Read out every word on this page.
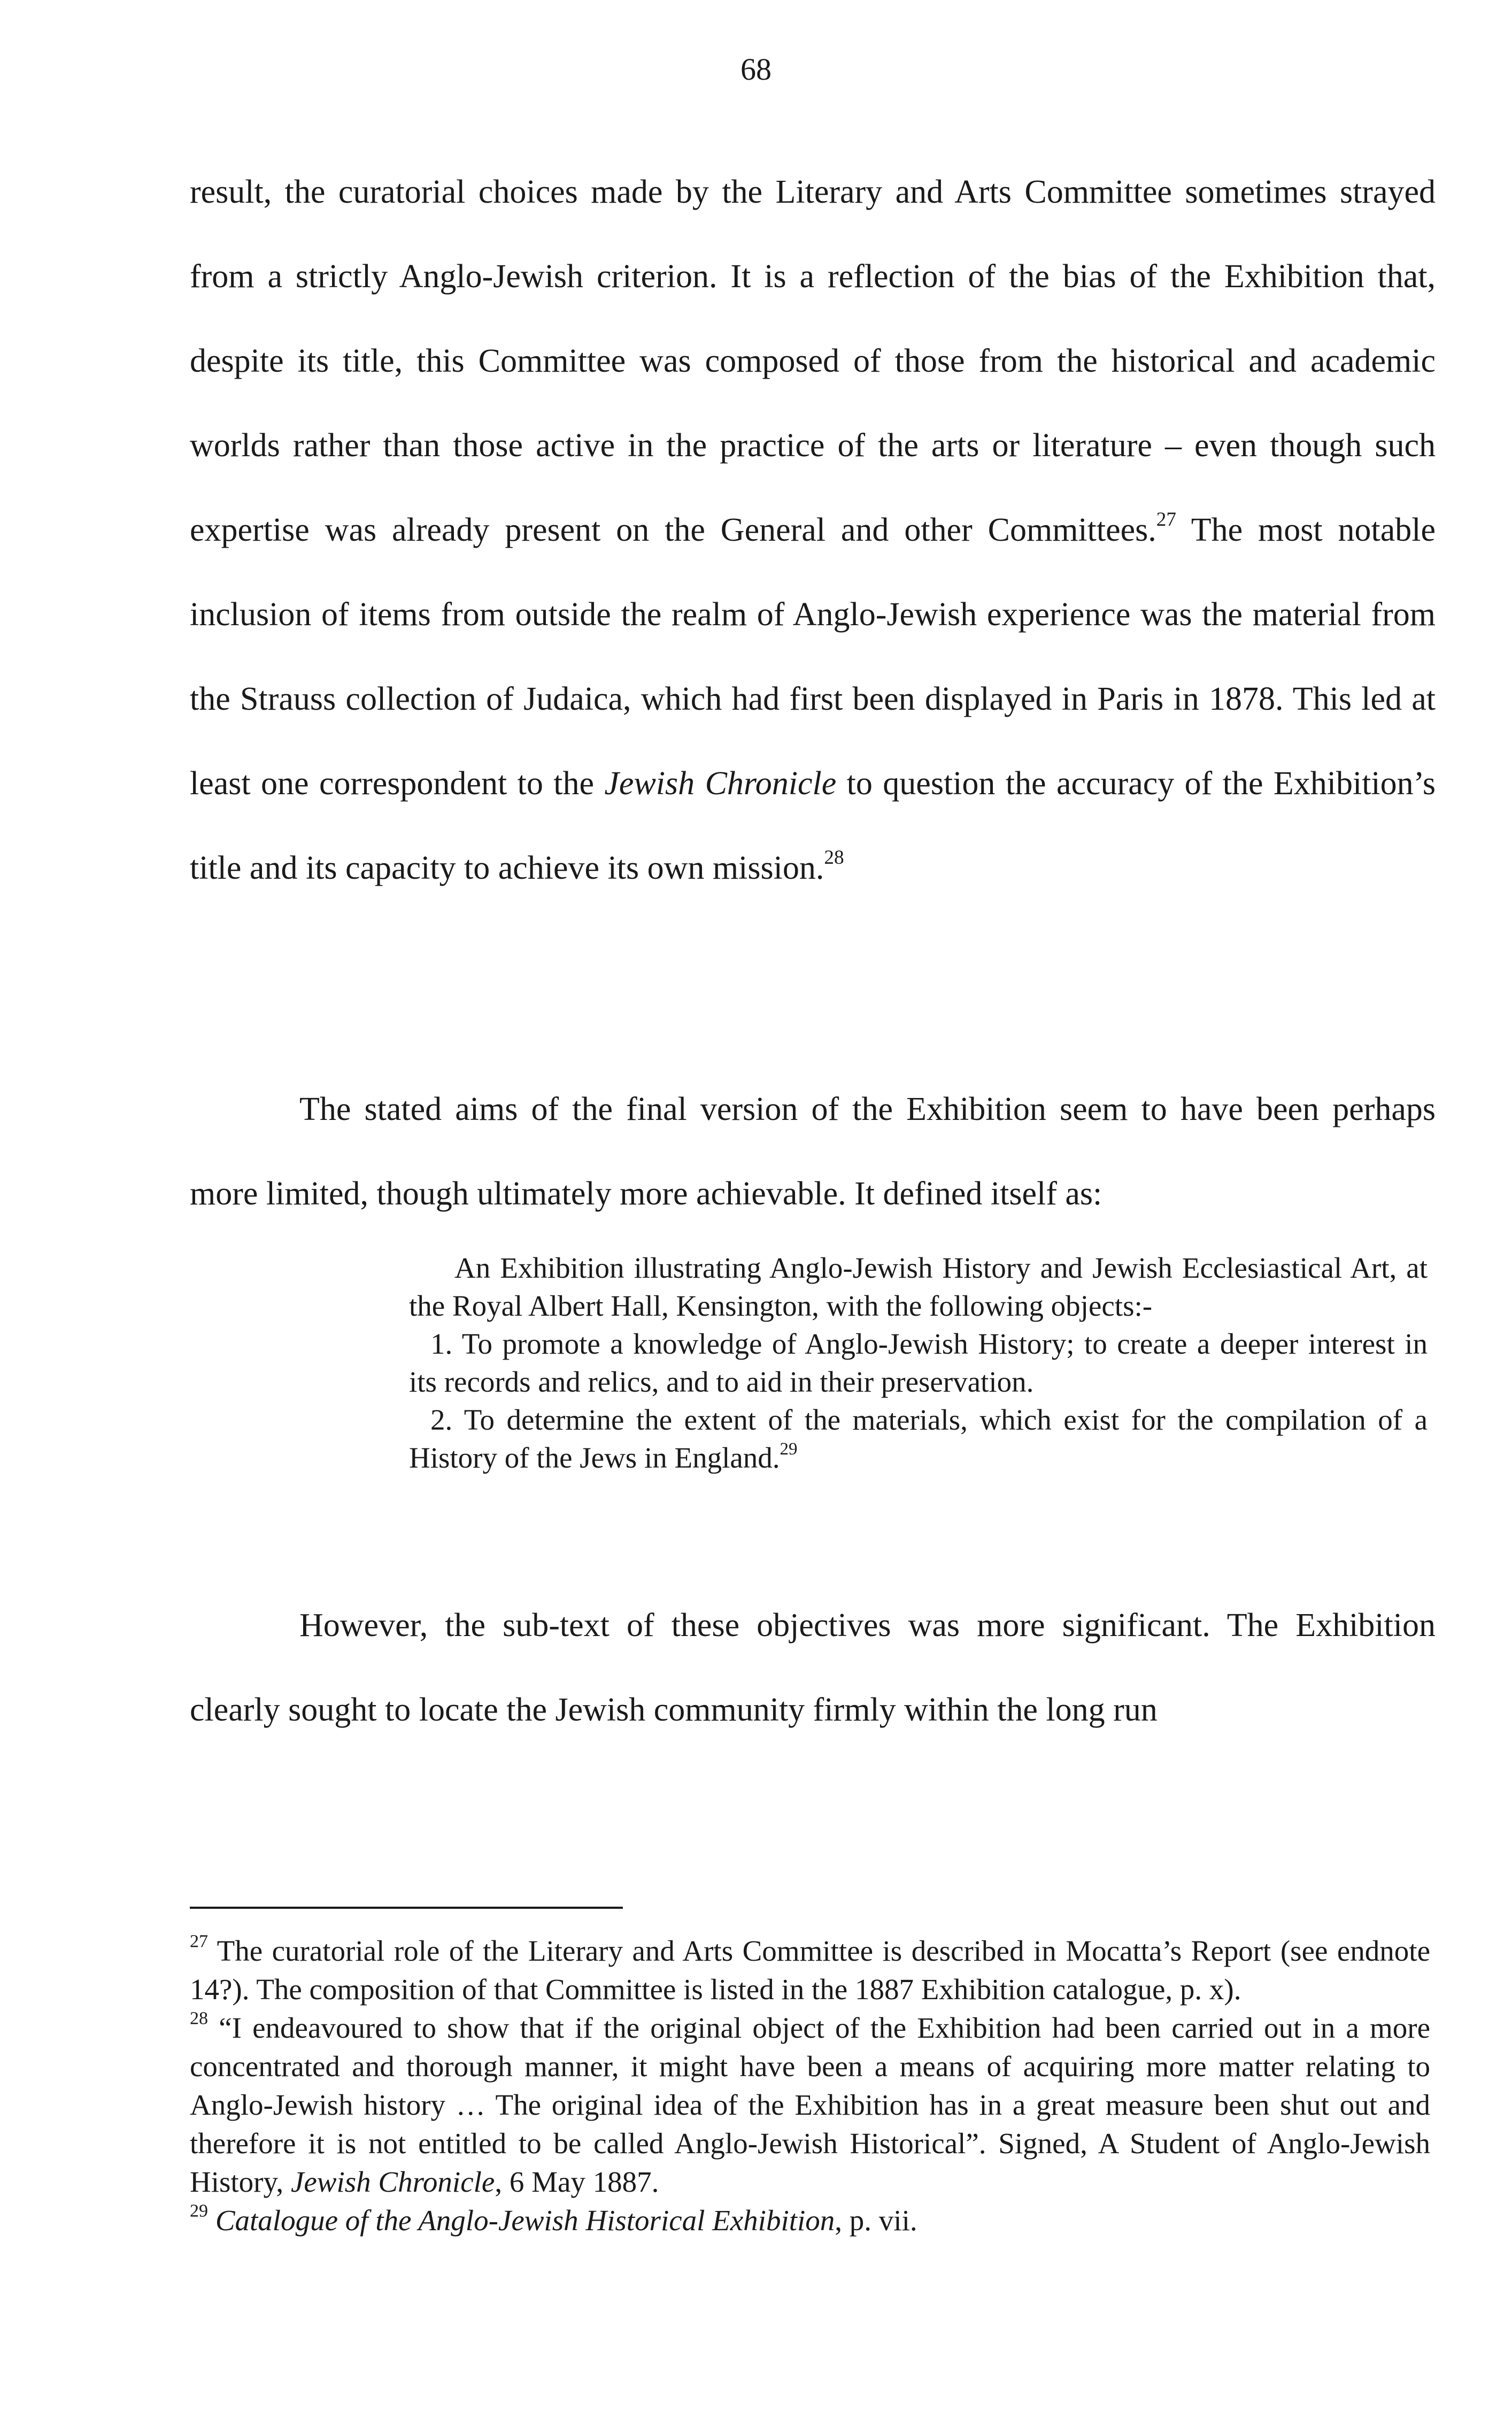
68

result, the curatorial choices made by the Literary and Arts Committee sometimes strayed from a strictly Anglo-Jewish criterion. It is a reflection of the bias of the Exhibition that, despite its title, this Committee was composed of those from the historical and academic worlds rather than those active in the practice of the arts or literature – even though such expertise was already present on the General and other Committees.$^{27}$ The most notable inclusion of items from outside the realm of Anglo-Jewish experience was the material from the Strauss collection of Judaica, which had first been displayed in Paris in 1878. This led at least one correspondent to the Jewish Chronicle to question the accuracy of the Exhibition’s title and its capacity to achieve its own mission.$^{28}$

The stated aims of the final version of the Exhibition seem to have been perhaps more limited, though ultimately more achievable. It defined itself as:

An Exhibition illustrating Anglo-Jewish History and Jewish Ecclesiastical Art, at the Royal Albert Hall, Kensington, with the following objects:-

1. To promote a knowledge of Anglo-Jewish History; to create a deeper interest in its records and relics, and to aid in their preservation.

2. To determine the extent of the materials, which exist for the compilation of a History of the Jews in England.$^{29}$

However, the sub-text of these objectives was more significant. The Exhibition clearly sought to locate the Jewish community firmly within the long run

$^{27}$ The curatorial role of the Literary and Arts Committee is described in Mocatta’s Report (see endnote 14?). The composition of that Committee is listed in the 1887 Exhibition catalogue, p. x).

$^{28}$ “I endeavoured to show that if the original object of the Exhibition had been carried out in a more concentrated and thorough manner, it might have been a means of acquiring more matter relating to Anglo-Jewish history … The original idea of the Exhibition has in a great measure been shut out and therefore it is not entitled to be called Anglo-Jewish Historical”. Signed, A Student of Anglo-Jewish History, Jewish Chronicle, 6 May 1887.

$^{29}$ Catalogue of the Anglo-Jewish Historical Exhibition, p. vii.
